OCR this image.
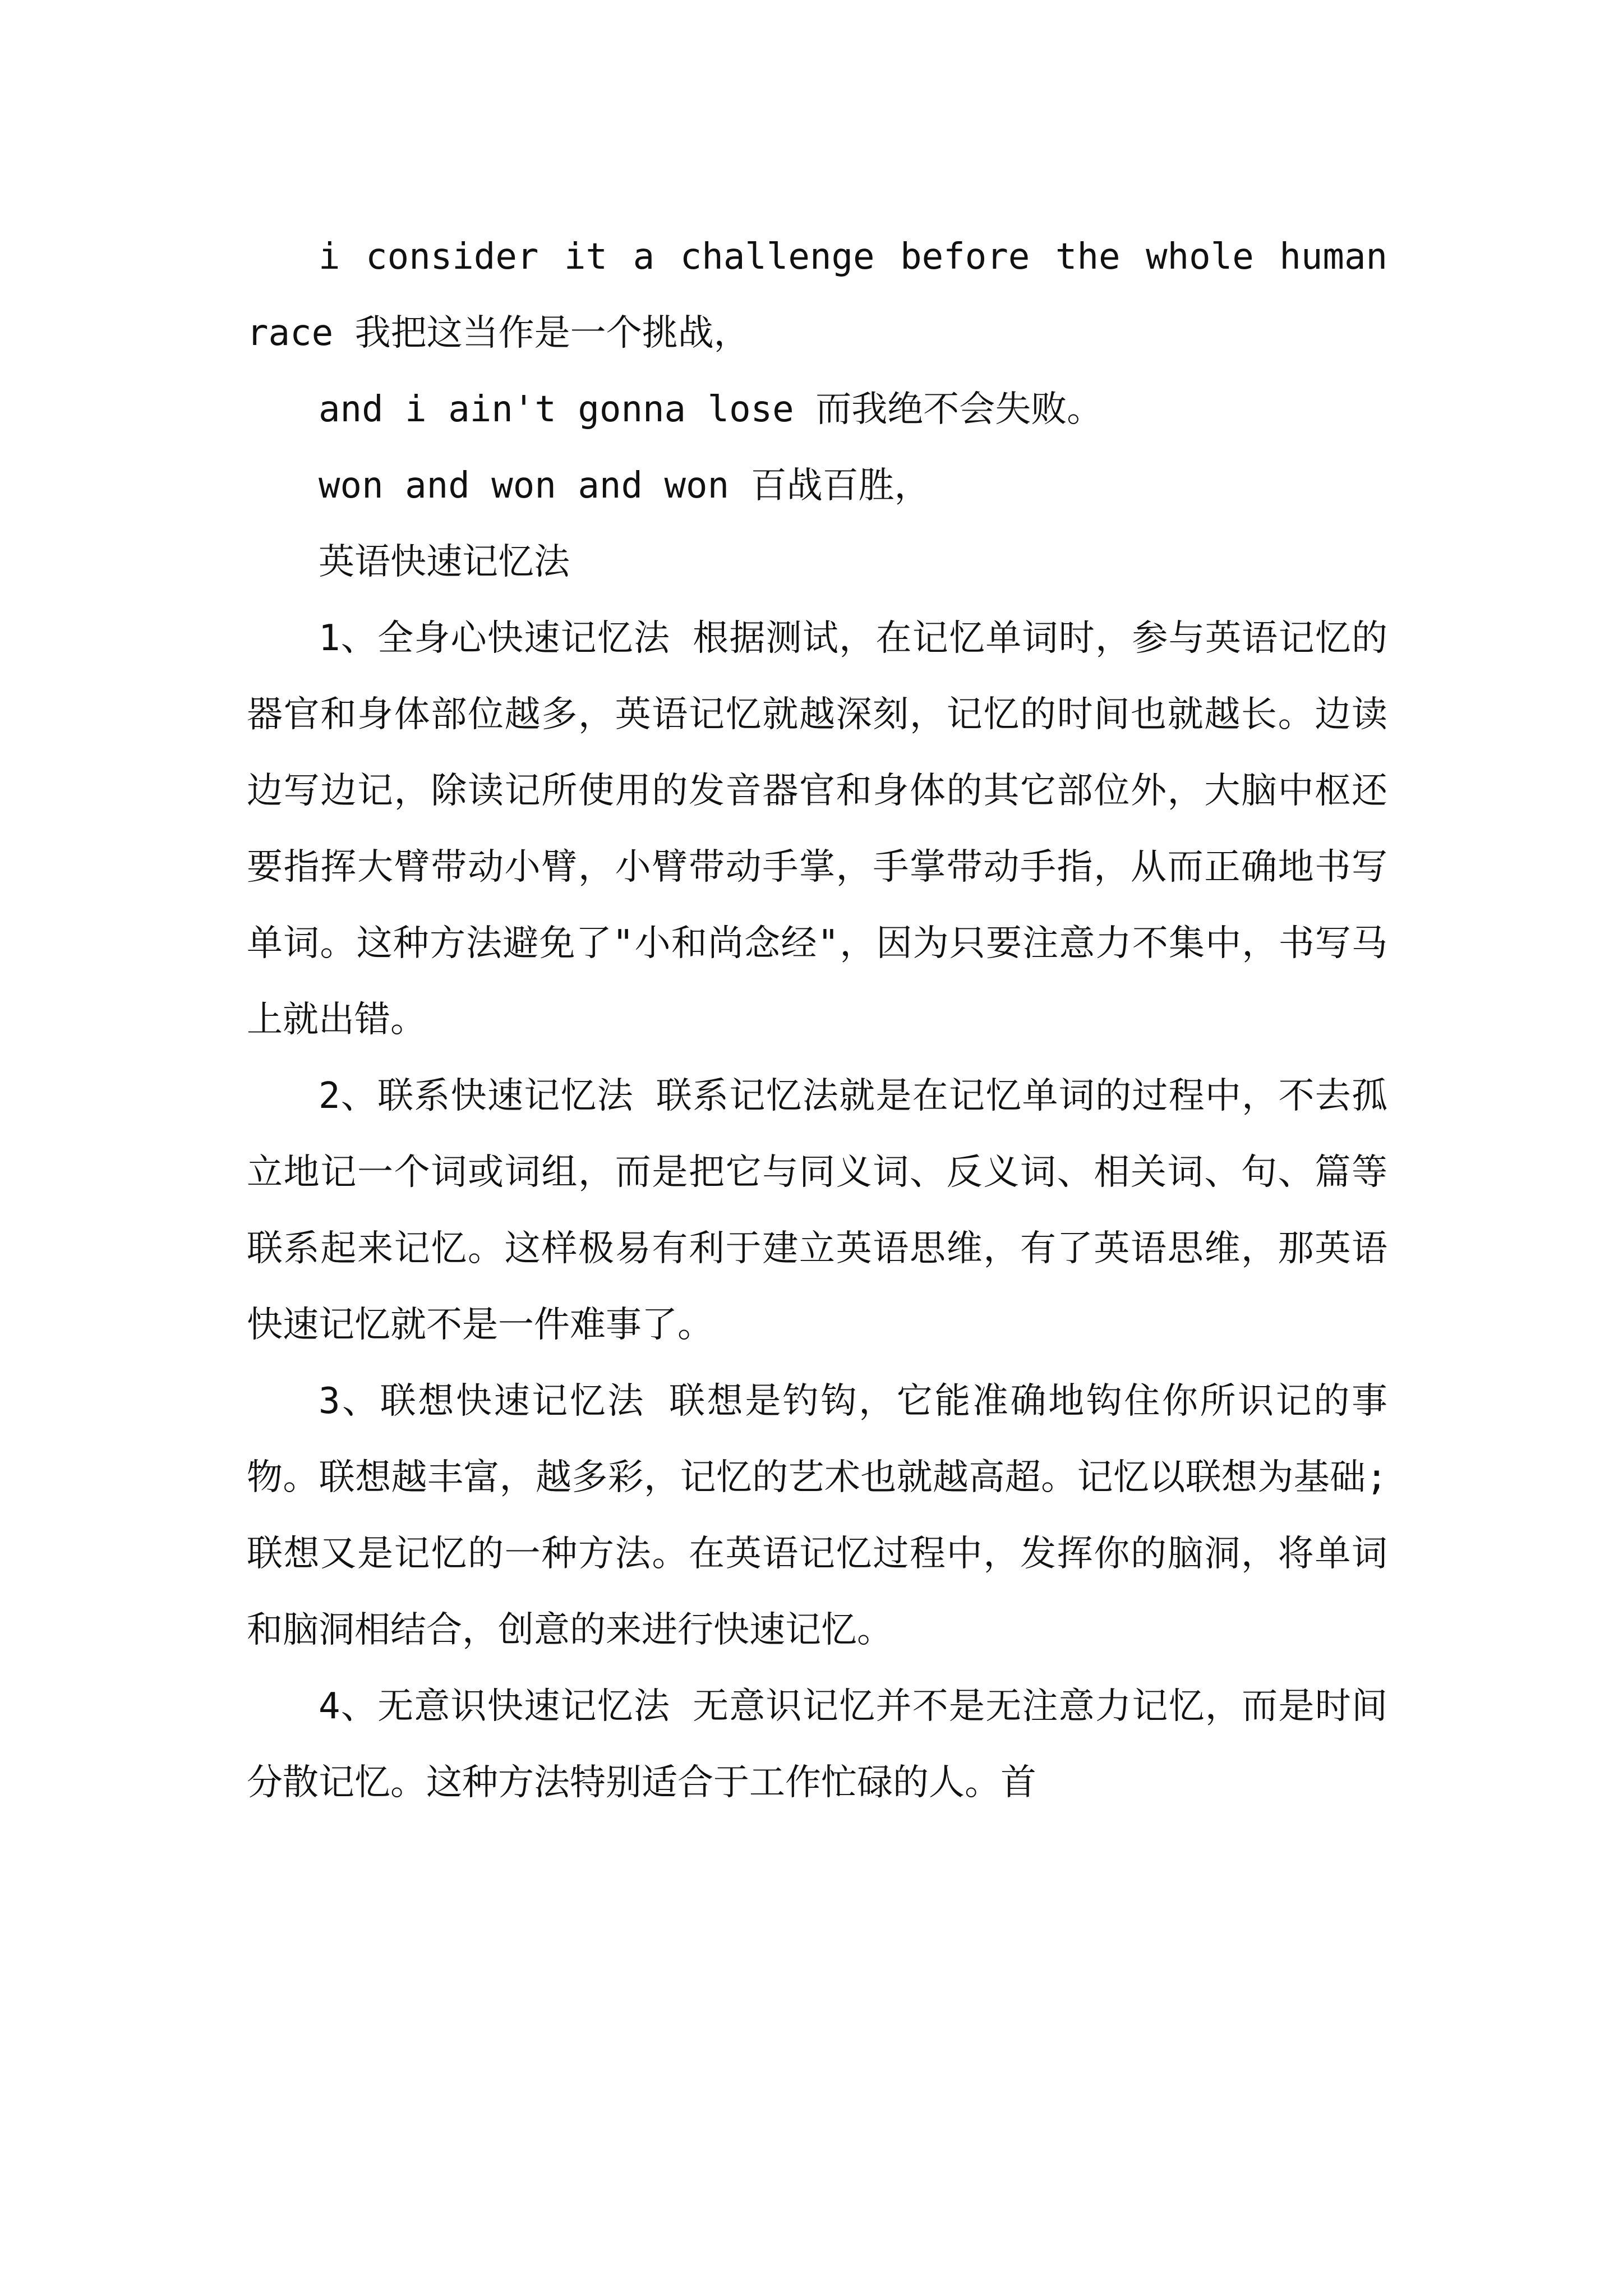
i consider it a challenge before the whole human race 我把这当作是一个挑战，

and i ain't gonna lose 而我绝不会失败。

won and won and won 百战百胜，

英语快速记忆法

1、全身心快速记忆法 根据测试，在记忆单词时，参与英语记忆的器官和身体部位越多，英语记忆就越深刻，记忆的时间也就越长。边读边写边记，除读记所使用的发音器官和身体的其它部位外，大脑中枢还要指挥大臂带动小臂，小臂带动手掌，手掌带动手指，从而正确地书写单词。这种方法避免了"小和尚念经"，因为只要注意力不集中，书写马上就出错。

2、联系快速记忆法 联系记忆法就是在记忆单词的过程中，不去孤立地记一个词或词组，而是把它与同义词、反义词、相关词、句、篇等联系起来记忆。这样极易有利于建立英语思维，有了英语思维，那英语快速记忆就不是一件难事了。

3、联想快速记忆法 联想是钓钩，它能准确地钩住你所识记的事物。联想越丰富，越多彩，记忆的艺术也就越高超。记忆以联想为基础;联想又是记忆的一种方法。在英语记忆过程中，发挥你的脑洞，将单词和脑洞相结合，创意的来进行快速记忆。

4、无意识快速记忆法 无意识记忆并不是无注意力记忆，而是时间分散记忆。这种方法特别适合于工作忙碌的人。首
